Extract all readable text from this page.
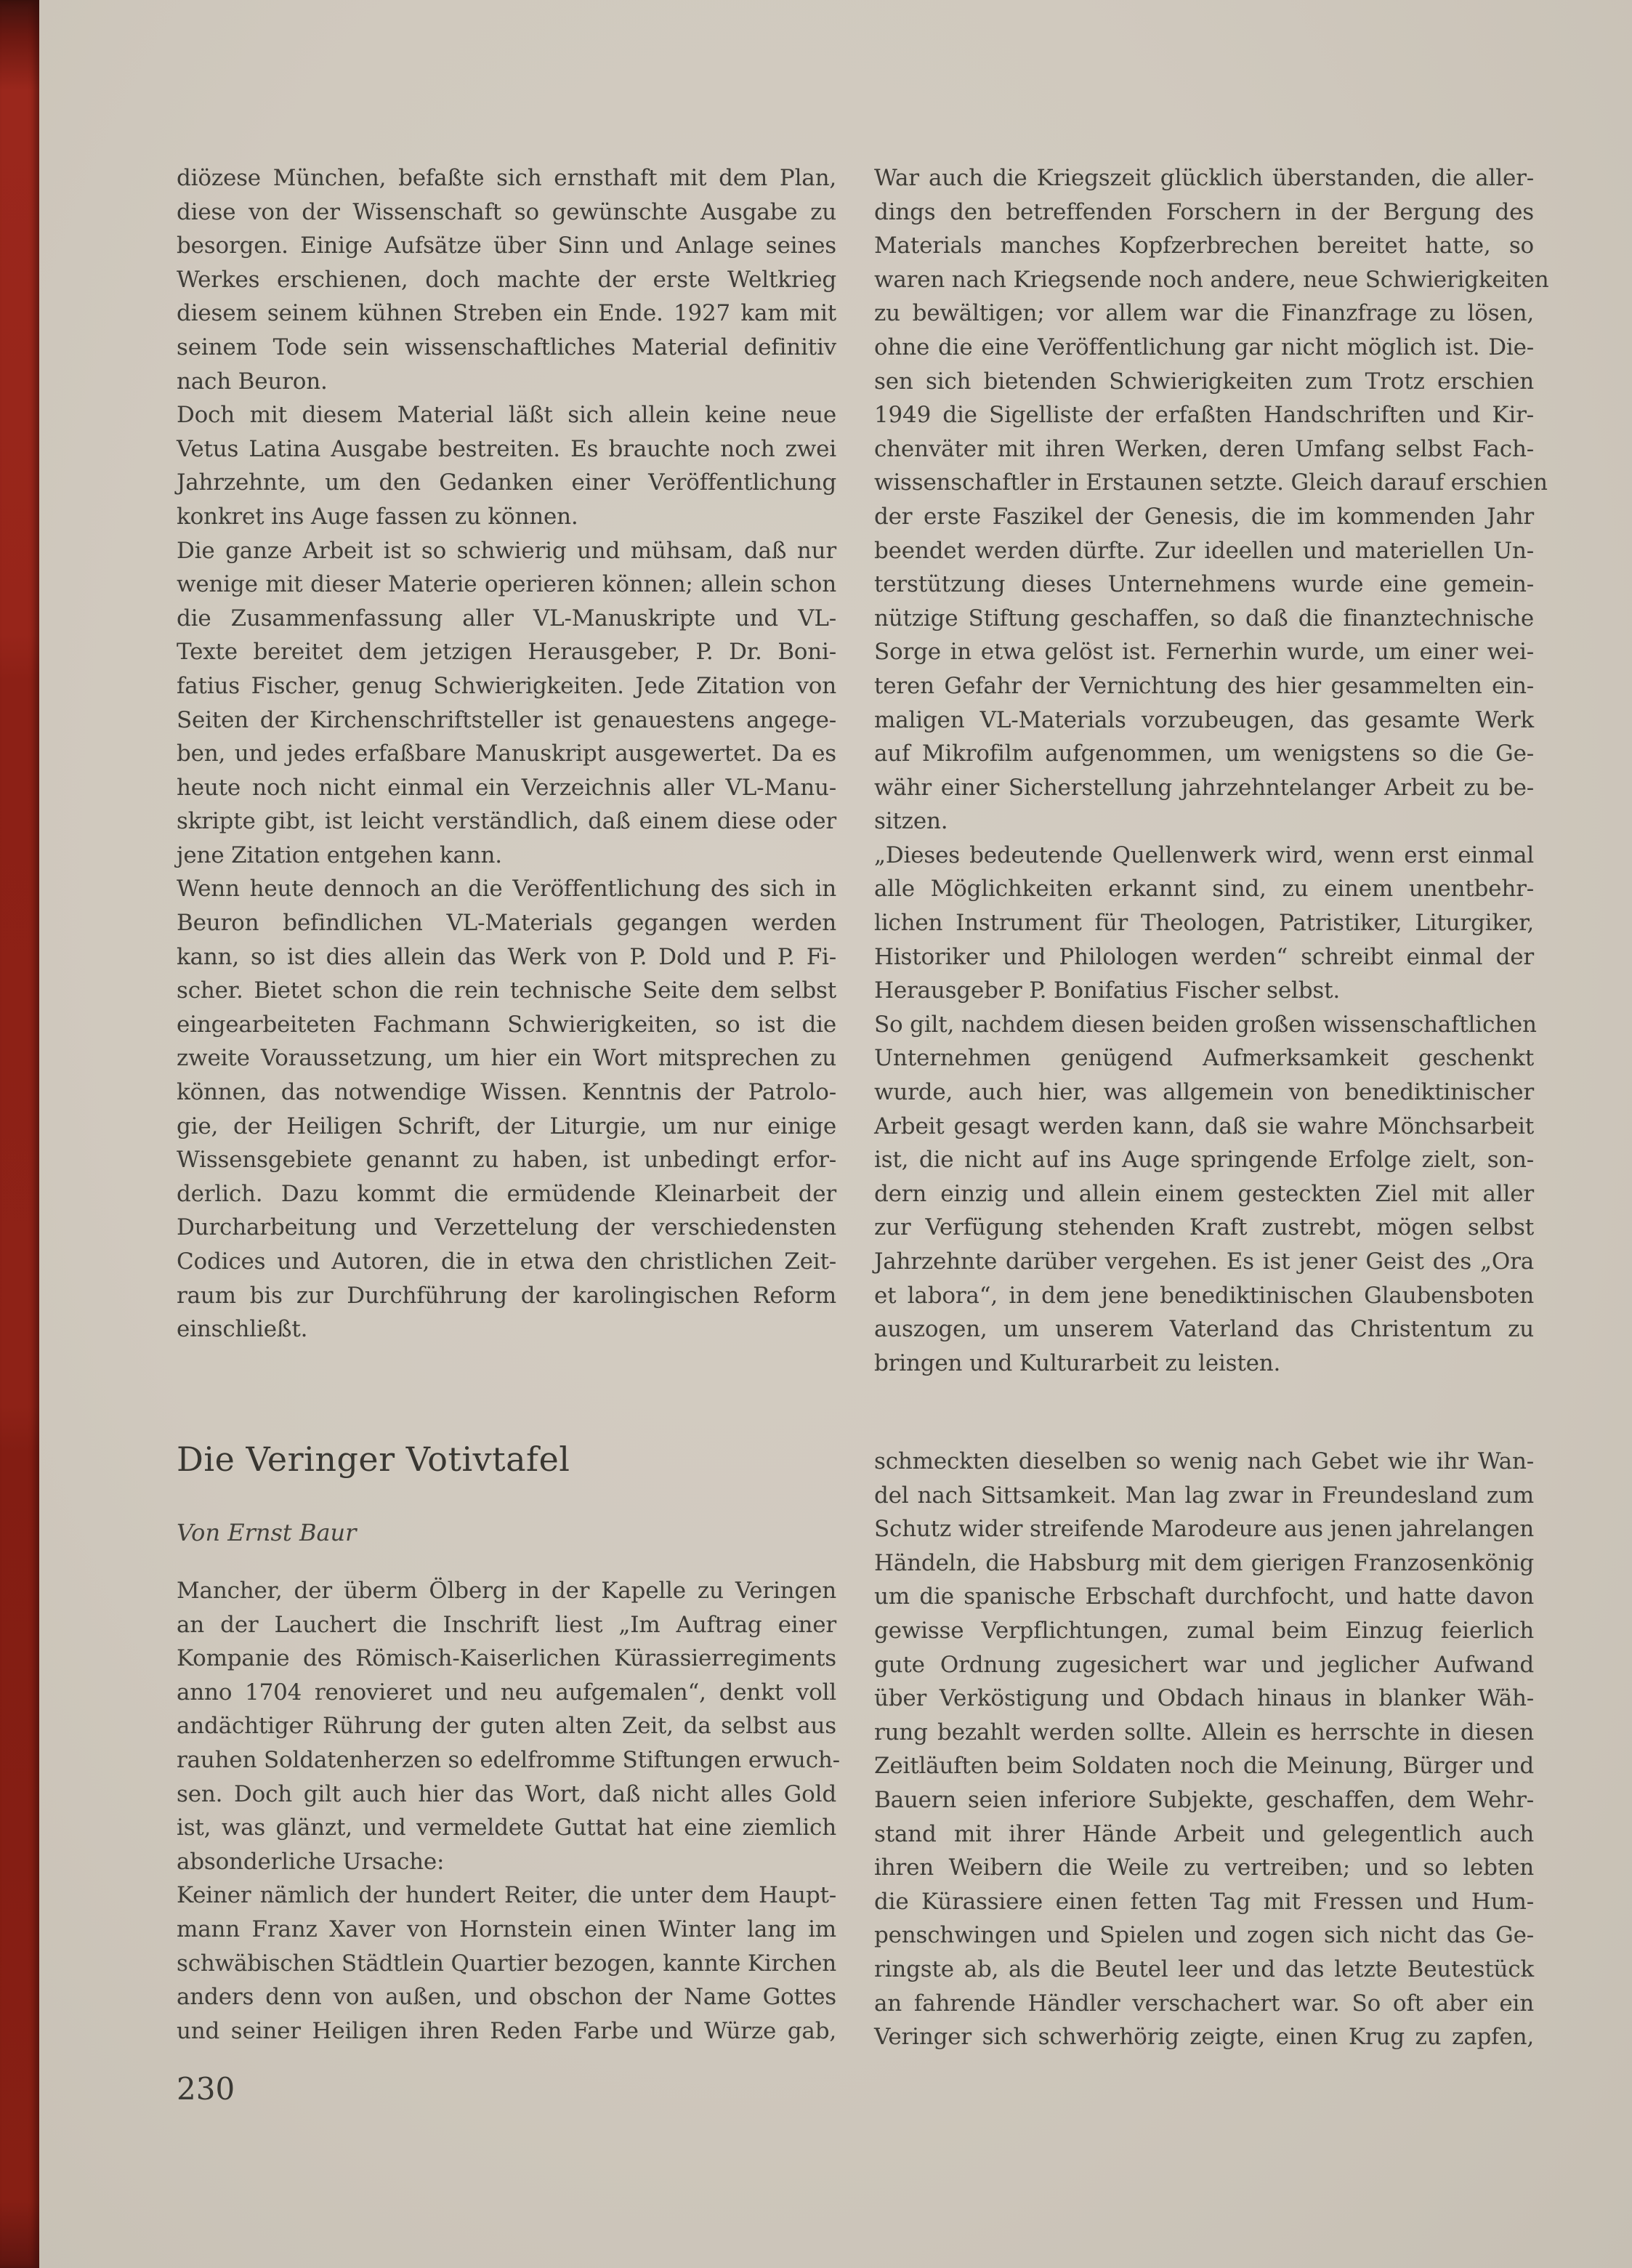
diözese München, befaßte sich ernsthaft mit dem Plan,
diese von der Wissenschaft so gewünschte Ausgabe zu
besorgen. Einige Aufsätze über Sinn und Anlage seines
Werkes erschienen, doch machte der erste Weltkrieg
diesem seinem kühnen Streben ein Ende. 1927 kam mit
seinem Tode sein wissenschaftliches Material definitiv
nach Beuron.
Doch mit diesem Material läßt sich allein keine neue
Vetus Latina Ausgabe bestreiten. Es brauchte noch zwei
Jahrzehnte, um den Gedanken einer Veröffentlichung
konkret ins Auge fassen zu können.
Die ganze Arbeit ist so schwierig und mühsam, daß nur
wenige mit dieser Materie operieren können; allein schon
die Zusammenfassung aller VL-Manuskripte und VL-
Texte bereitet dem jetzigen Herausgeber, P. Dr. Boni-
fatius Fischer, genug Schwierigkeiten. Jede Zitation von
Seiten der Kirchenschriftsteller ist genauestens angege-
ben, und jedes erfaßbare Manuskript ausgewertet. Da es
heute noch nicht einmal ein Verzeichnis aller VL-Manu-
skripte gibt, ist leicht verständlich, daß einem diese oder
jene Zitation entgehen kann.
Wenn heute dennoch an die Veröffentlichung des sich in
Beuron befindlichen VL-Materials gegangen werden
kann, so ist dies allein das Werk von P. Dold und P. Fi-
scher. Bietet schon die rein technische Seite dem selbst
eingearbeiteten Fachmann Schwierigkeiten, so ist die
zweite Voraussetzung, um hier ein Wort mitsprechen zu
können, das notwendige Wissen. Kenntnis der Patrolo-
gie, der Heiligen Schrift, der Liturgie, um nur einige
Wissensgebiete genannt zu haben, ist unbedingt erfor-
derlich. Dazu kommt die ermüdende Kleinarbeit der
Durcharbeitung und Verzettelung der verschiedensten
Codices und Autoren, die in etwa den christlichen Zeit-
raum bis zur Durchführung der karolingischen Reform
einschließt.
War auch die Kriegszeit glücklich überstanden, die aller-
dings den betreffenden Forschern in der Bergung des
Materials manches Kopfzerbrechen bereitet hatte, so
waren nach Kriegsende noch andere, neue Schwierigkeiten
zu bewältigen; vor allem war die Finanzfrage zu lösen,
ohne die eine Veröffentlichung gar nicht möglich ist. Die-
sen sich bietenden Schwierigkeiten zum Trotz erschien
1949 die Sigelliste der erfaßten Handschriften und Kir-
chenväter mit ihren Werken, deren Umfang selbst Fach-
wissenschaftler in Erstaunen setzte. Gleich darauf erschien
der erste Faszikel der Genesis, die im kommenden Jahr
beendet werden dürfte. Zur ideellen und materiellen Un-
terstützung dieses Unternehmens wurde eine gemein-
nützige Stiftung geschaffen, so daß die finanztechnische
Sorge in etwa gelöst ist. Fernerhin wurde, um einer wei-
teren Gefahr der Vernichtung des hier gesammelten ein-
maligen VL-Materials vorzubeugen, das gesamte Werk
auf Mikrofilm aufgenommen, um wenigstens so die Ge-
währ einer Sicherstellung jahrzehntelanger Arbeit zu be-
sitzen.
„Dieses bedeutende Quellenwerk wird, wenn erst einmal
alle Möglichkeiten erkannt sind, zu einem unentbehr-
lichen Instrument für Theologen, Patristiker, Liturgiker,
Historiker und Philologen werden“ schreibt einmal der
Herausgeber P. Bonifatius Fischer selbst.
So gilt, nachdem diesen beiden großen wissenschaftlichen
Unternehmen genügend Aufmerksamkeit geschenkt
wurde, auch hier, was allgemein von benediktinischer
Arbeit gesagt werden kann, daß sie wahre Mönchsarbeit
ist, die nicht auf ins Auge springende Erfolge zielt, son-
dern einzig und allein einem gesteckten Ziel mit aller
zur Verfügung stehenden Kraft zustrebt, mögen selbst
Jahrzehnte darüber vergehen. Es ist jener Geist des „Ora
et labora“, in dem jene benediktinischen Glaubensboten
auszogen, um unserem Vaterland das Christentum zu
bringen und Kulturarbeit zu leisten.
Die Veringer Votivtafel
Von Ernst Baur
Mancher, der überm Ölberg in der Kapelle zu Veringen
an der Lauchert die Inschrift liest „Im Auftrag einer
Kompanie des Römisch-Kaiserlichen Kürassierregiments
anno 1704 renovieret und neu aufgemalen“, denkt voll
andächtiger Rührung der guten alten Zeit, da selbst aus
rauhen Soldatenherzen so edelfromme Stiftungen erwuch-
sen. Doch gilt auch hier das Wort, daß nicht alles Gold
ist, was glänzt, und vermeldete Guttat hat eine ziemlich
absonderliche Ursache:
Keiner nämlich der hundert Reiter, die unter dem Haupt-
mann Franz Xaver von Hornstein einen Winter lang im
schwäbischen Städtlein Quartier bezogen, kannte Kirchen
anders denn von außen, und obschon der Name Gottes
und seiner Heiligen ihren Reden Farbe und Würze gab,
schmeckten dieselben so wenig nach Gebet wie ihr Wan-
del nach Sittsamkeit. Man lag zwar in Freundesland zum
Schutz wider streifende Marodeure aus jenen jahrelangen
Händeln, die Habsburg mit dem gierigen Franzosenkönig
um die spanische Erbschaft durchfocht, und hatte davon
gewisse Verpflichtungen, zumal beim Einzug feierlich
gute Ordnung zugesichert war und jeglicher Aufwand
über Verköstigung und Obdach hinaus in blanker Wäh-
rung bezahlt werden sollte. Allein es herrschte in diesen
Zeitläuften beim Soldaten noch die Meinung, Bürger und
Bauern seien inferiore Subjekte, geschaffen, dem Wehr-
stand mit ihrer Hände Arbeit und gelegentlich auch
ihren Weibern die Weile zu vertreiben; und so lebten
die Kürassiere einen fetten Tag mit Fressen und Hum-
penschwingen und Spielen und zogen sich nicht das Ge-
ringste ab, als die Beutel leer und das letzte Beutestück
an fahrende Händler verschachert war. So oft aber ein
Veringer sich schwerhörig zeigte, einen Krug zu zapfen,
230
